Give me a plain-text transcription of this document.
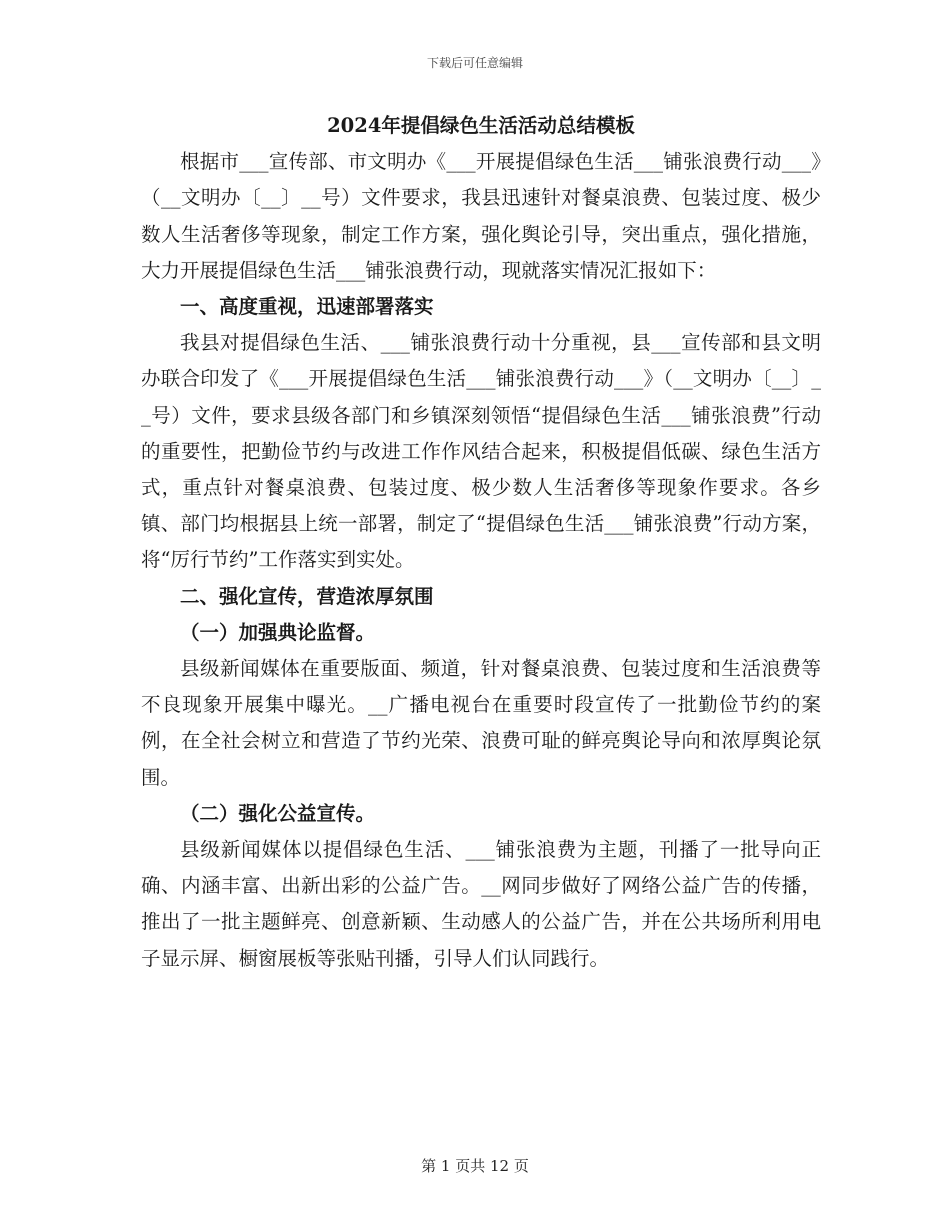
下载后可任意编辑
2024年提倡绿色生活活动总结模板

根据市___宣传部、市文明办《___开展提倡绿色生活___铺张浪费行动___》（__文明办〔__〕__号）文件要求，我县迅速针对餐桌浪费、包装过度、极少数人生活奢侈等现象，制定工作方案，强化舆论引导，突出重点，强化措施，大力开展提倡绿色生活___铺张浪费行动，现就落实情况汇报如下：

一、高度重视，迅速部署落实

我县对提倡绿色生活、___铺张浪费行动十分重视，县___宣传部和县文明办联合印发了《___开展提倡绿色生活___铺张浪费行动___》（__文明办〔__〕__号）文件，要求县级各部门和乡镇深刻领悟“提倡绿色生活___铺张浪费”行动的重要性，把勤俭节约与改进工作作风结合起来，积极提倡低碳、绿色生活方式，重点针对餐桌浪费、包装过度、极少数人生活奢侈等现象作要求。各乡镇、部门均根据县上统一部署，制定了“提倡绿色生活___铺张浪费”行动方案，将“厉行节约”工作落实到实处。

二、强化宣传，营造浓厚氛围

（一）加强典论监督。

县级新闻媒体在重要版面、频道，针对餐桌浪费、包装过度和生活浪费等不良现象开展集中曝光。__广播电视台在重要时段宣传了一批勤俭节约的案例，在全社会树立和营造了节约光荣、浪费可耻的鲜亮舆论导向和浓厚舆论氛围。

（二）强化公益宣传。

县级新闻媒体以提倡绿色生活、___铺张浪费为主题，刊播了一批导向正确、内涵丰富、出新出彩的公益广告。__网同步做好了网络公益广告的传播，推出了一批主题鲜亮、创意新颖、生动感人的公益广告，并在公共场所利用电子显示屏、橱窗展板等张贴刊播，引导人们认同践行。

第 1 页共 12 页
